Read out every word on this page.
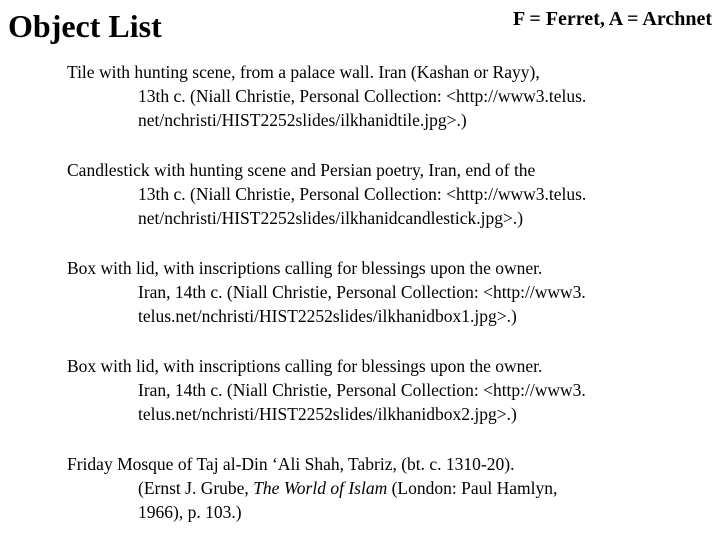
Object List	F = Ferret, A = Archnet
Tile with hunting scene, from a palace wall. Iran (Kashan or Rayy),
13th c. (Niall Christie, Personal Collection: <http://www3.telus.
net/nchristi/HIST2252slides/ilkhanidtile.jpg>.)
Candlestick with hunting scene and Persian poetry, Iran, end of the
13th c. (Niall Christie, Personal Collection: <http://www3.telus.
net/nchristi/HIST2252slides/ilkhanidcandlestick.jpg>.)
Box with lid, with inscriptions calling for blessings upon the owner.
Iran, 14th c. (Niall Christie, Personal Collection: <http://www3.
telus.net/nchristi/HIST2252slides/ilkhanidbox1.jpg>.)
Box with lid, with inscriptions calling for blessings upon the owner.
Iran, 14th c. (Niall Christie, Personal Collection: <http://www3.
telus.net/nchristi/HIST2252slides/ilkhanidbox2.jpg>.)
Friday Mosque of Taj al-Din ‘Ali Shah, Tabriz, (bt. c. 1310-20).
(Ernst J. Grube, The World of Islam (London: Paul Hamlyn,
1966), p. 103.)
